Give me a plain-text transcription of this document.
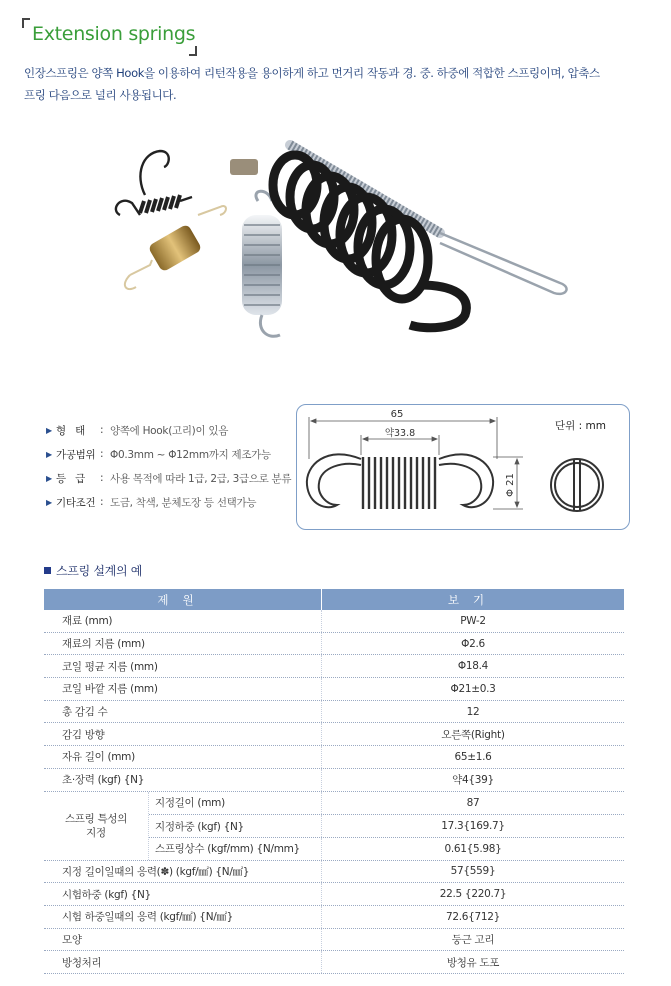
Extension springs
인장스프링은 양쪽 Hook을 이용하여 리턴작용을 용이하게 하고 먼거리 작동과 경. 중. 하중에 적합한 스프링이며, 압축스프링 다음으로 널리 사용됩니다.
▶ 형태 : 양쪽에 Hook(고리)이 있음
▶ 가공범위 : Φ0.3mm ~ Φ12mm까지 제조가능
▶ 등급 : 사용 목적에 따라 1급, 2급, 3급으로 분류
▶ 기타조건 : 도금, 착색, 분체도장 등 선택가능
65
약33.8
Φ 21
단위 : mm
스프링 설계의 예
제원	보기
재료 (mm)	PW-2
재료의 지름 (mm)	Φ2.6
코일 평균 지름 (mm)	Φ18.4
코일 바깥 지름 (mm)	Φ21±0.3
총 감김 수	12
감김 방향	오른쪽(Right)
자유 길이 (mm)	65±1.6
초·장력 (kgf) {N}	약4{39}
스프링 특성의
지정
지정길이 (mm)	87
지정하중 (kgf) {N}	17.3{169.7}
스프링상수 (kgf/mm) {N/mm}	0.61{5.98}
지정 길이일때의 응력(✽) (kgf/㎟) {N/㎟}	57{559}
시험하중 (kgf) {N}	22.5 {220.7}
시험 하중일때의 응력 (kgf/㎟) {N/㎟}	72.6{712}
모양	둥근 고리
방청처리	방청유 도포
